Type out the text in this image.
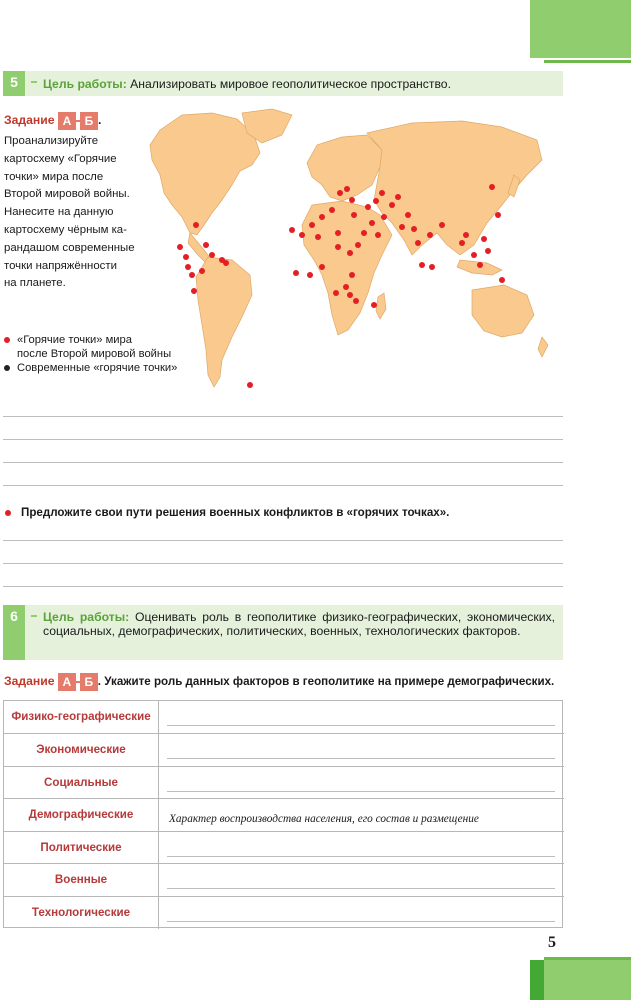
5
5	Цель работы: Анализировать мировое геополитическое пространство.
Задание А Б .
Проанализируйте
картосхему «Горячие
точки» мира после
Второй мировой войны.
Нанесите на данную
картосхему чёрным ка-
рандашом современные
точки напряжённости
на планете.
«Горячие точки» мира
после Второй мировой войны
Современные «горячие точки»
Предложите свои пути решения военных конфликтов в «горячих точках».
6	Цель работы: Оценивать роль в геополитике физико-географических, экономических, социальных, демографических, политических, военных, технологических факторов.
Задание А Б . Укажите роль данных факторов в геополитике на примере демографических.
Физико-географические
Экономические
Социальные
Демографические	Характер воспроизводства населения, его состав и размещение
Политические
Военные
Технологические
